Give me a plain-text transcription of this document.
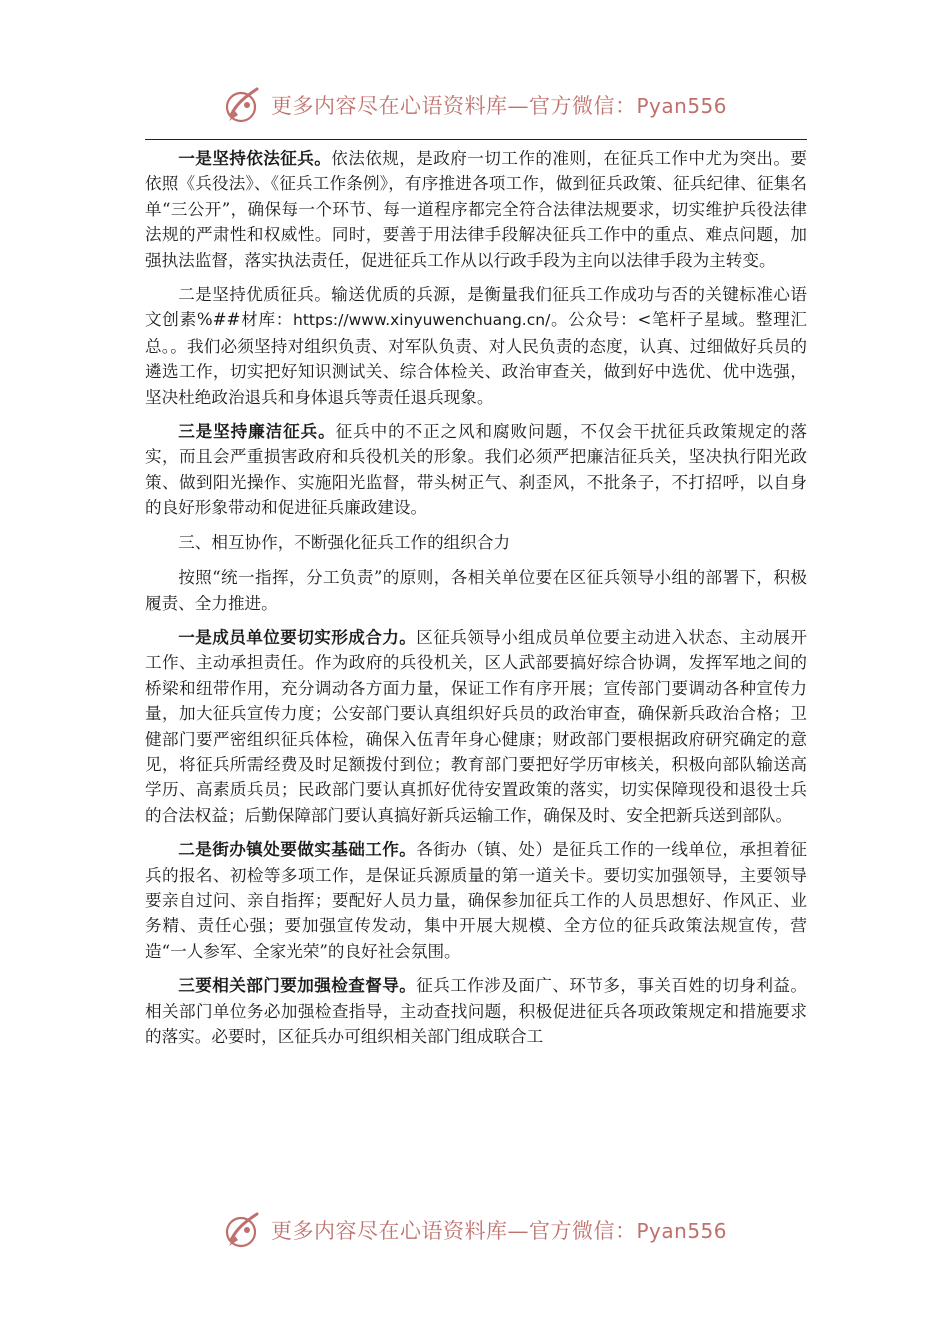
更多内容尽在心语资料库—官方微信：Pyan556

一是坚持依法征兵。依法依规，是政府一切工作的准则，在征兵工作中尤为突出。要依照《兵役法》、《征兵工作条例》，有序推进各项工作，做到征兵政策、征兵纪律、征集名单“三公开”，确保每一个环节、每一道程序都完全符合法律法规要求，切实维护兵役法律法规的严肃性和权威性。同时，要善于用法律手段解决征兵工作中的重点、难点问题，加强执法监督，落实执法责任，促进征兵工作从以行政手段为主向以法律手段为主转变。

二是坚持优质征兵。输送优质的兵源，是衡量我们征兵工作成功与否的关键标准心语文创素%##材库：https://www.xinyuwenchuang.cn/。公众号：<笔杆子星域。整理汇总。。我们必须坚持对组织负责、对军队负责、对人民负责的态度，认真、过细做好兵员的遴选工作，切实把好知识测试关、综合体检关、政治审查关，做到好中选优、优中选强，坚决杜绝政治退兵和身体退兵等责任退兵现象。

三是坚持廉洁征兵。征兵中的不正之风和腐败问题，不仅会干扰征兵政策规定的落实，而且会严重损害政府和兵役机关的形象。我们必须严把廉洁征兵关，坚决执行阳光政策、做到阳光操作、实施阳光监督，带头树正气、刹歪风，不批条子，不打招呼，以自身的良好形象带动和促进征兵廉政建设。

三、相互协作，不断强化征兵工作的组织合力

按照“统一指挥，分工负责”的原则，各相关单位要在区征兵领导小组的部署下，积极履责、全力推进。

一是成员单位要切实形成合力。区征兵领导小组成员单位要主动进入状态、主动展开工作、主动承担责任。作为政府的兵役机关，区人武部要搞好综合协调，发挥军地之间的桥梁和纽带作用，充分调动各方面力量，保证工作有序开展；宣传部门要调动各种宣传力量，加大征兵宣传力度；公安部门要认真组织好兵员的政治审查，确保新兵政治合格；卫健部门要严密组织征兵体检，确保入伍青年身心健康；财政部门要根据政府研究确定的意见，将征兵所需经费及时足额拨付到位；教育部门要把好学历审核关，积极向部队输送高学历、高素质兵员；民政部门要认真抓好优待安置政策的落实，切实保障现役和退役士兵的合法权益；后勤保障部门要认真搞好新兵运输工作，确保及时、安全把新兵送到部队。

二是街办镇处要做实基础工作。各街办（镇、处）是征兵工作的一线单位，承担着征兵的报名、初检等多项工作，是保证兵源质量的第一道关卡。要切实加强领导，主要领导要亲自过问、亲自指挥；要配好人员力量，确保参加征兵工作的人员思想好、作风正、业务精、责任心强；要加强宣传发动，集中开展大规模、全方位的征兵政策法规宣传，营造“一人参军、全家光荣”的良好社会氛围。

三要相关部门要加强检查督导。征兵工作涉及面广、环节多，事关百姓的切身利益。相关部门单位务必加强检查指导，主动查找问题，积极促进征兵各项政策规定和措施要求的落实。必要时，区征兵办可组织相关部门组成联合工

更多内容尽在心语资料库—官方微信：Pyan556
